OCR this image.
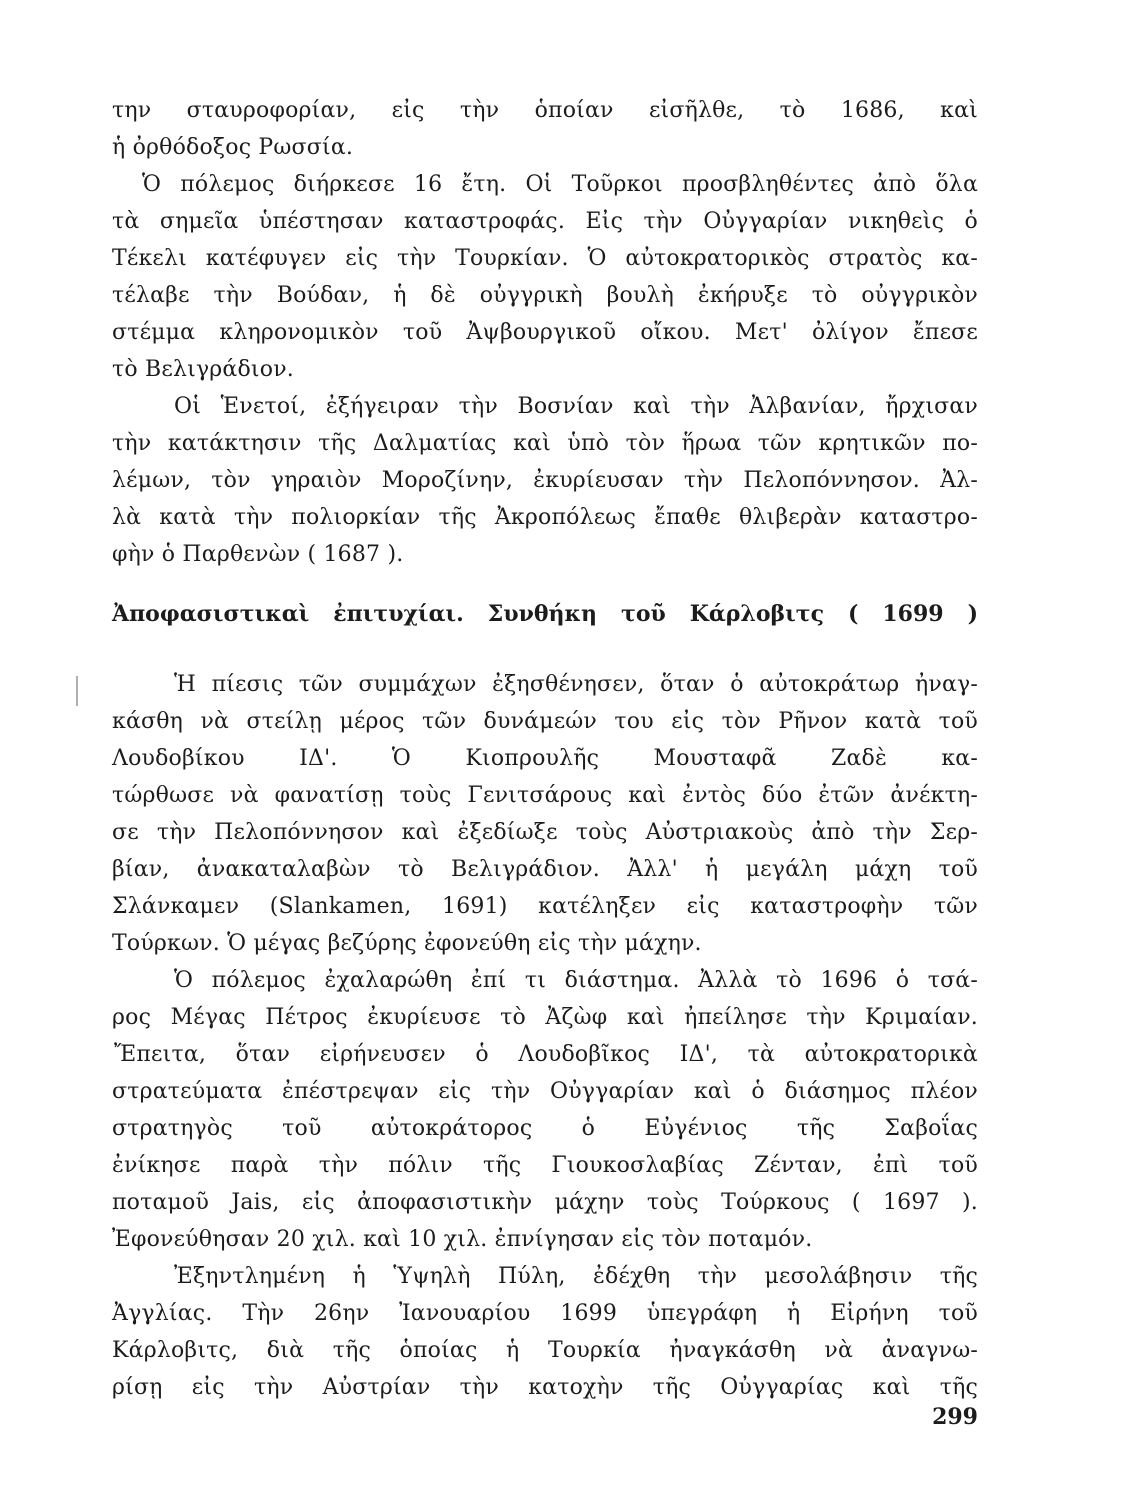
την σταυροφορίαν, εἰς τὴν ὁποίαν εἰσῆλθε, τὸ 1686, καὶ
ἡ ὀρθόδοξος Ρωσσία.
Ὁ πόλεμος διήρκεσε 16 ἔτη. Οἱ Τοῦρκοι προσβληθέντες ἀπὸ ὅλα
τὰ σημεῖα ὑπέστησαν καταστροφάς. Εἰς τὴν Οὐγγαρίαν νικηθεὶς ὁ
Τέκελι κατέφυγεν εἰς τὴν Τουρκίαν. Ὁ αὐτοκρατορικὸς στρατὸς κα-
τέλαβε τὴν Βούδαν, ἡ δὲ οὐγγρικὴ βουλὴ ἐκήρυξε τὸ οὐγγρικὸν
στέμμα κληρονομικὸν τοῦ Ἀψβουργικοῦ οἴκου. Μετ' ὀλίγον ἔπεσε
τὸ Βελιγράδιον.
Οἱ Ἑνετοί, ἐξήγειραν τὴν Βοσνίαν καὶ τὴν Ἀλβανίαν, ἤρχισαν
τὴν κατάκτησιν τῆς Δαλματίας καὶ ὑπὸ τὸν ἥρωα τῶν κρητικῶν πο-
λέμων, τὸν γηραιὸν Μοροζίνην, ἐκυρίευσαν τὴν Πελοπόννησον. Ἀλ-
λὰ κατὰ τὴν πολιορκίαν τῆς Ἀκροπόλεως ἔπαθε θλιβερὰν καταστρο-
φὴν ὁ Παρθενὼν ( 1687 ).
Ἀποφασιστικαὶ ἐπιτυχίαι. Συνθήκη τοῦ Κάρλοβιτς ( 1699 )
Ἡ πίεσις τῶν συμμάχων ἐξησθένησεν, ὅταν ὁ αὐτοκράτωρ ἠναγ-
κάσθη νὰ στείλῃ μέρος τῶν δυνάμεών του εἰς τὸν Ρῆνον κατὰ τοῦ
Λουδοβίκου ΙΔ'. Ὁ Κιοπρουλῆς Μουσταφᾶ Ζαδὲ κα-
τώρθωσε νὰ φανατίσῃ τοὺς Γενιτσάρους καὶ ἐντὸς δύο ἐτῶν ἀνέκτη-
σε τὴν Πελοπόννησον καὶ ἐξεδίωξε τοὺς Αὐστριακοὺς ἀπὸ τὴν Σερ-
βίαν, ἀνακαταλαβὼν τὸ Βελιγράδιον. Ἀλλ' ἡ μεγάλη μάχη τοῦ
Σλάνκαμεν (Slankamen, 1691) κατέληξεν εἰς καταστροφὴν τῶν
Τούρκων. Ὁ μέγας βεζύρης ἐφονεύθη εἰς τὴν μάχην.
Ὁ πόλεμος ἐχαλαρώθη ἐπί τι διάστημα. Ἀλλὰ τὸ 1696 ὁ τσά-
ρος Μέγας Πέτρος ἐκυρίευσε τὸ Ἀζὼφ καὶ ἠπείλησε τὴν Κριμαίαν.
Ἔπειτα, ὅταν εἰρήνευσεν ὁ Λουδοβῖκος ΙΔ', τὰ αὐτοκρατορικὰ
στρατεύματα ἐπέστρεψαν εἰς τὴν Οὐγγαρίαν καὶ ὁ διάσημος πλέον
στρατηγὸς τοῦ αὐτοκράτορος ὁ Εὐγένιος τῆς Σαβοΐας
ἐνίκησε παρὰ τὴν πόλιν τῆς Γιουκοσλαβίας Ζένταν, ἐπὶ τοῦ
ποταμοῦ Jais, εἰς ἀποφασιστικὴν μάχην τοὺς Τούρκους ( 1697 ).
Ἐφονεύθησαν 20 χιλ. καὶ 10 χιλ. ἐπνίγησαν εἰς τὸν ποταμόν.
Ἐξηντλημένη ἡ Ὑψηλὴ Πύλη, ἐδέχθη τὴν μεσολάβησιν τῆς
Ἀγγλίας. Τὴν 26ην Ἰανουαρίου 1699 ὑπεγράφη ἡ Εἰρήνη τοῦ
Κάρλοβιτς, διὰ τῆς ὁποίας ἡ Τουρκία ἠναγκάσθη νὰ ἀναγνω-
ρίσῃ εἰς τὴν Αὐστρίαν τὴν κατοχὴν τῆς Οὐγγαρίας καὶ τῆς
299
